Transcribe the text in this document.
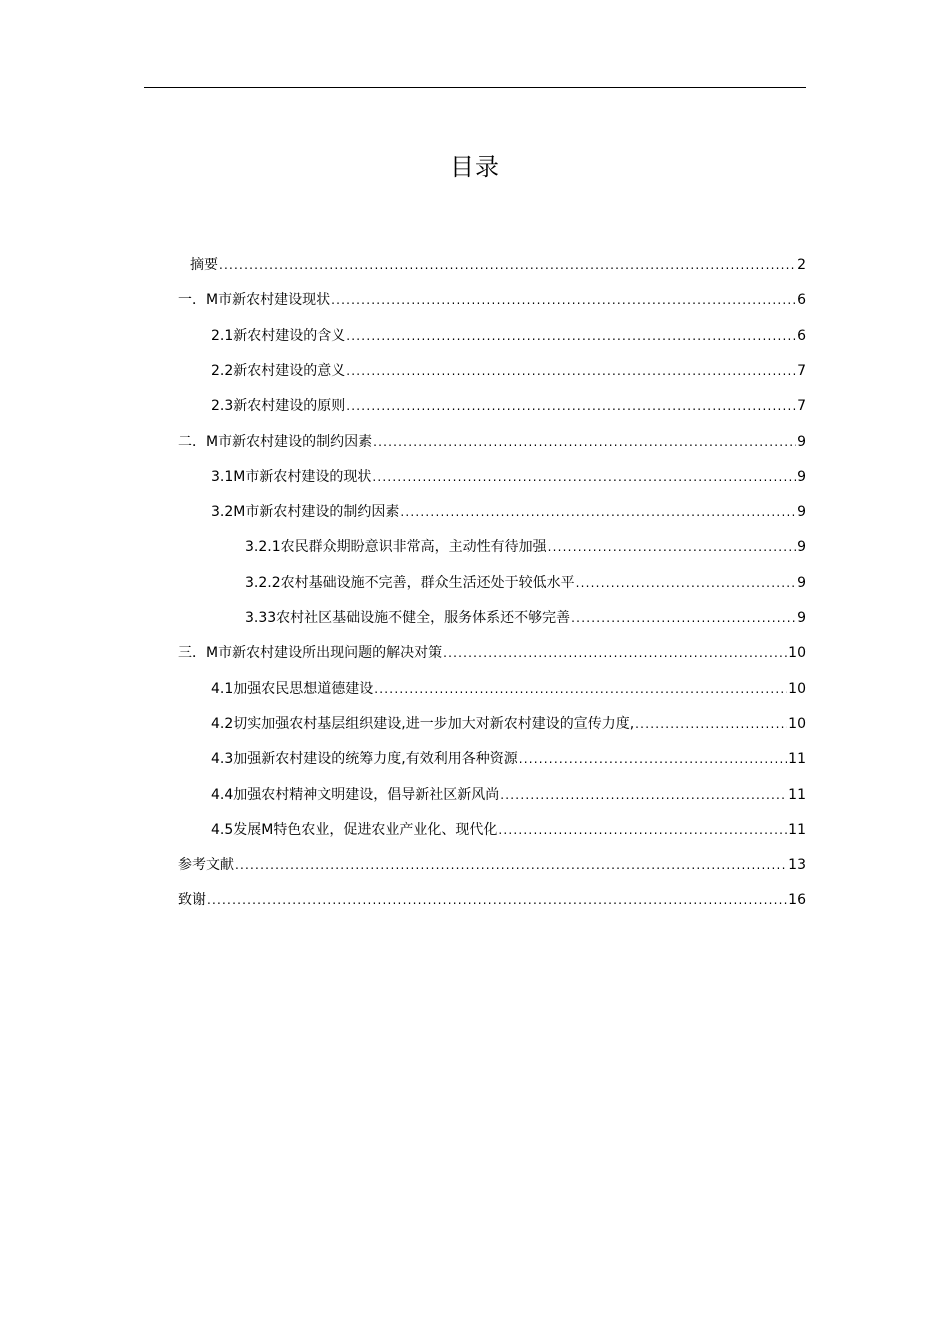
目录
摘要 .....	2
一．M市新农村建设现状 .....	6
2.1新农村建设的含义 .....	6
2.2新农村建设的意义 .....	7
2.3新农村建设的原则 .....	7
二．M市新农村建设的制约因素 .....	9
3.1M市新农村建设的现状 .....	9
3.2M市新农村建设的制约因素 .....	9
3.2.1农民群众期盼意识非常高，主动性有待加强 .....	9
3.2.2农村基础设施不完善，群众生活还处于较低水平 .....	9
3.33农村社区基础设施不健全，服务体系还不够完善 .....	9
三．M市新农村建设所出现问题的解决对策 .....	10
4.1加强农民思想道德建设 .....	10
4.2切实加强农村基层组织建设,进一步加大对新农村建设的宣传力度, .....	10
4.3加强新农村建设的统筹力度,有效利用各种资源 .....	11
4.4加强农村精神文明建设，倡导新社区新风尚 .....	11
4.5发展M特色农业，促进农业产业化、现代化 .....	11
参考文献 .....	13
致谢 .....	16
